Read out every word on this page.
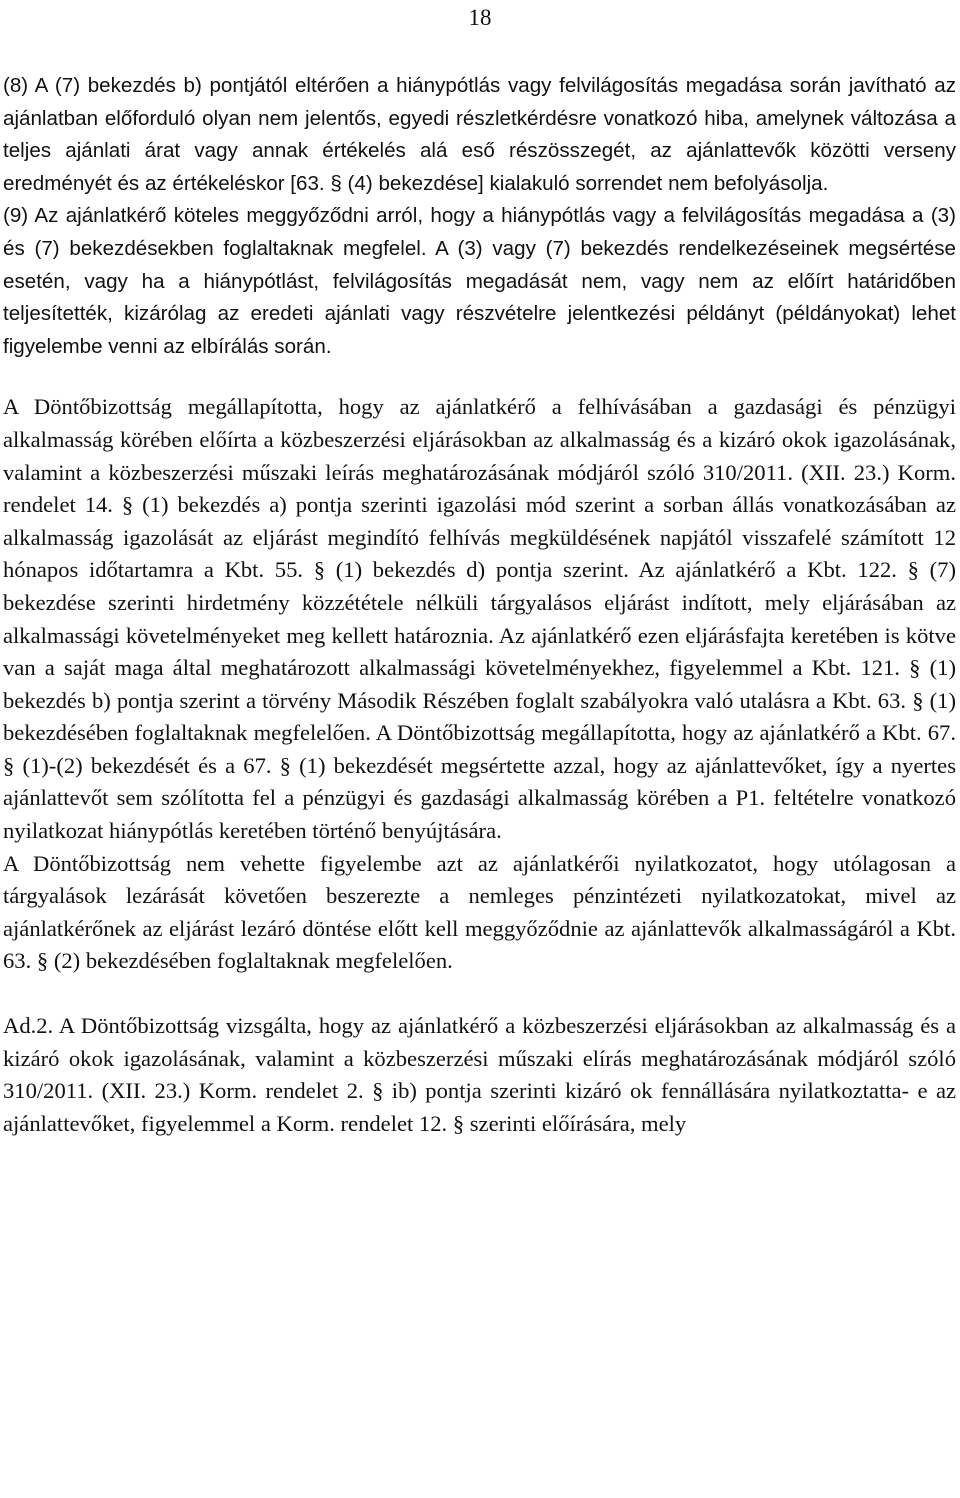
18

(8) A (7) bekezdés b) pontjától eltérően a hiánypótlás vagy felvilágosítás megadása során javítható az ajánlatban előforduló olyan nem jelentős, egyedi részletkérdésre vonatkozó hiba, amelynek változása a teljes ajánlati árat vagy annak értékelés alá eső részösszegét, az ajánlattevők közötti verseny eredményét és az értékeléskor [63. § (4) bekezdése] kialakuló sorrendet nem befolyásolja.

(9) Az ajánlatkérő köteles meggyőződni arról, hogy a hiánypótlás vagy a felvilágosítás megadása a (3) és (7) bekezdésekben foglaltaknak megfelel. A (3) vagy (7) bekezdés rendelkezéseinek megsértése esetén, vagy ha a hiánypótlást, felvilágosítás megadását nem, vagy nem az előírt határidőben teljesítették, kizárólag az eredeti ajánlati vagy részvételre jelentkezési példányt (példányokat) lehet figyelembe venni az elbírálás során.

A Döntőbizottság megállapította, hogy az ajánlatkérő a felhívásában a gazdasági és pénzügyi alkalmasság körében előírta a közbeszerzési eljárásokban az alkalmasság és a kizáró okok igazolásának, valamint a közbeszerzési műszaki leírás meghatározásának módjáról szóló 310/2011. (XII. 23.) Korm. rendelet 14. § (1) bekezdés a) pontja szerinti igazolási mód szerint a sorban állás vonatkozásában az alkalmasság igazolását az eljárást megindító felhívás megküldésének napjától visszafelé számított 12 hónapos időtartamra a Kbt. 55. § (1) bekezdés d) pontja szerint. Az ajánlatkérő a Kbt. 122. § (7) bekezdése szerinti hirdetmény közzététele nélküli tárgyalásos eljárást indított, mely eljárásában az alkalmassági követelményeket meg kellett határoznia. Az ajánlatkérő ezen eljárásfajta keretében is kötve van a saját maga által meghatározott alkalmassági követelményekhez, figyelemmel a Kbt. 121. § (1) bekezdés b) pontja szerint a törvény Második Részében foglalt szabályokra való utalásra a Kbt. 63. § (1) bekezdésében foglaltaknak megfelelően. A Döntőbizottság megállapította, hogy az ajánlatkérő a Kbt. 67. § (1)-(2) bekezdését és a 67. § (1) bekezdését megsértette azzal, hogy az ajánlattevőket, így a nyertes ajánlattevőt sem szólította fel a pénzügyi és gazdasági alkalmasság körében a P1. feltételre vonatkozó nyilatkozat hiánypótlás keretében történő benyújtására.

A Döntőbizottság nem vehette figyelembe azt az ajánlatkérői nyilatkozatot, hogy utólagosan a tárgyalások lezárását követően beszerezte a nemleges pénzintézeti nyilatkozatokat, mivel az ajánlatkérőnek az eljárást lezáró döntése előtt kell meggyőződnie az ajánlattevők alkalmasságáról a Kbt. 63. § (2) bekezdésében foglaltaknak megfelelően.

Ad.2. A Döntőbizottság vizsgálta, hogy az ajánlatkérő a közbeszerzési eljárásokban az alkalmasság és a kizáró okok igazolásának, valamint a közbeszerzési műszaki elírás meghatározásának módjáról szóló 310/2011. (XII. 23.) Korm. rendelet 2. § ib) pontja szerinti kizáró ok fennállására nyilatkoztatta- e az ajánlattevőket, figyelemmel a Korm. rendelet 12. § szerinti előírására, mely
